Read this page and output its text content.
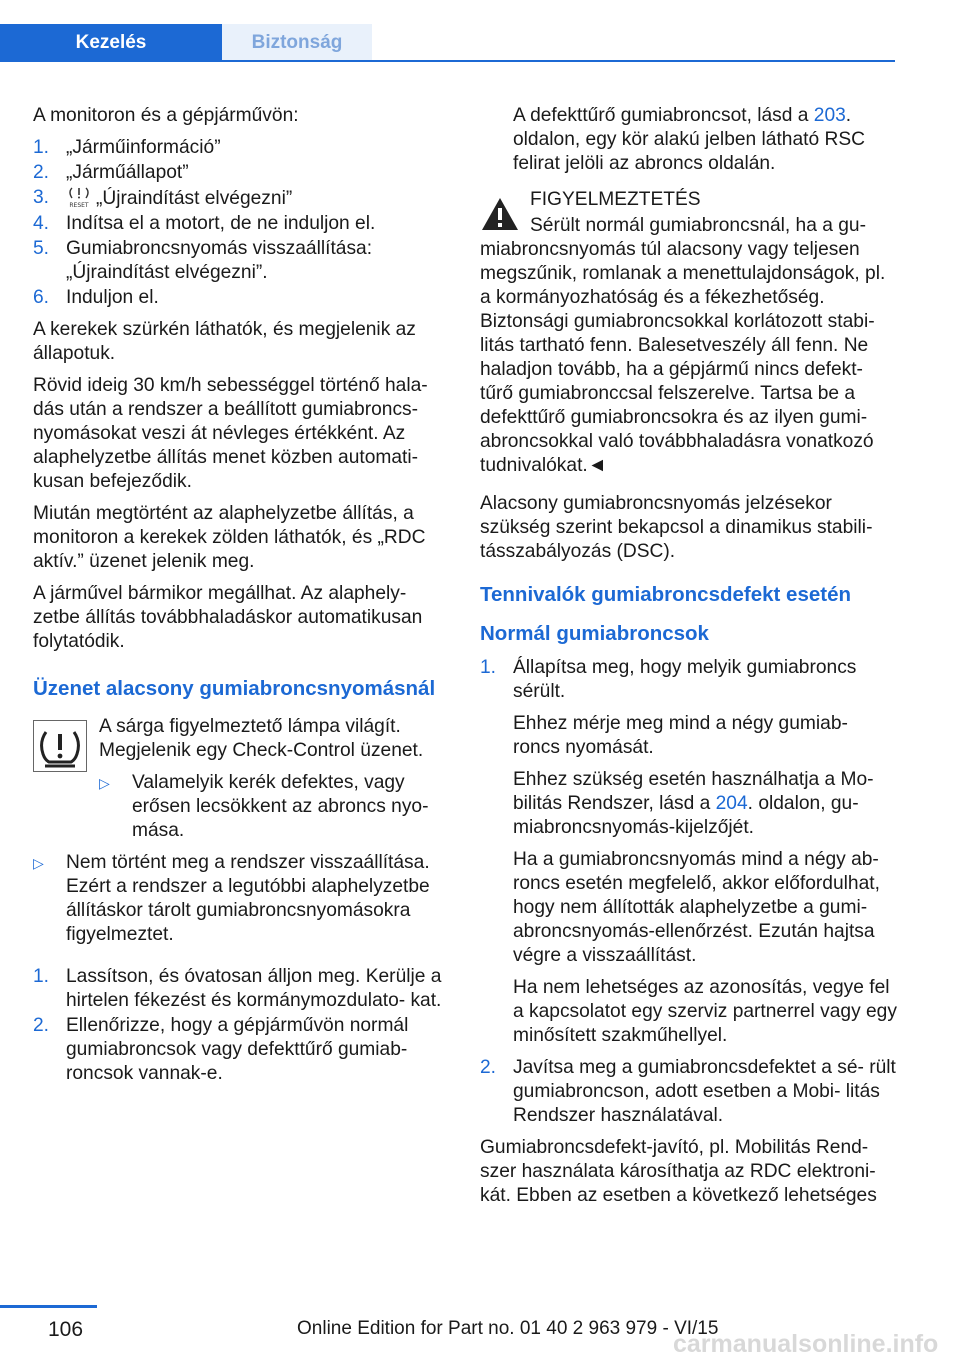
Kezelés	Biztonság

A monitoron és a gépjárművön:

1. „Járműinformáció”
2. „Járműállapot”
3.	RESET „Újraindítást elvégezni”
4. Indítsa el a motort, de ne induljon el.
5. Gumiabroncsnyomás visszaállítása: „Újraindítást elvégezni”.
6. Induljon el.

A kerekek szürkén láthatók, és megjelenik az állapotuk.

Rövid ideig 30 km/h sebességgel történő hala‐ dás után a rendszer a beállított gumiabroncs‐ nyomásokat veszi át névleges értékként. Az alaphelyzetbe állítás menet közben automati‐ kusan befejeződik.

Miután megtörtént az alaphelyzetbe állítás, a monitoron a kerekek zölden láthatók, és „RDC aktív.” üzenet jelenik meg.

A járművel bármikor megállhat. Az alaphely‐ zetbe állítás továbbhaladáskor automatikusan folytatódik.

Üzenet alacsony gumiabroncsnyomásnál

A sárga figyelmeztető lámpa világít. Megjelenik egy Check-Control üzenet.

▷ Valamelyik kerék defektes, vagy erősen lecsökkent az abroncs nyo‐ mása.
▷ Nem történt meg a rendszer visszaállítása. Ezért a rendszer a legutóbbi alaphelyzetbe állításkor tárolt gumiabroncsnyomásokra figyelmeztet.
1. Lassítson, és óvatosan álljon meg. Kerülje a hirtelen fékezést és kormánymozdulato‐ kat.
2. Ellenőrizze, hogy a gépjárművön normál gumiabroncsok vagy defekttűrő gumiab‐ roncsok vannak-e.

A defekttűrő gumiabroncsot, lásd a 203. oldalon, egy kör alakú jelben látható RSC felirat jelöli az abroncs oldalán.

FIGYELMEZTETÉS
Sérült normál gumiabroncsnál, ha a gu‐ miabroncsnyomás túl alacsony vagy teljesen megszűnik, romlanak a menettulajdonságok, pl. a kormányozhatóság és a fékezhetőség. Biztonsági gumiabroncsokkal korlátozott stabi‐ litás tartható fenn. Balesetveszély áll fenn. Ne haladjon tovább, ha a gépjármű nincs defekt‐ tűrő gumiabronccsal felszerelve. Tartsa be a defekttűrő gumiabroncsokra és az ilyen gumi‐ abroncsokkal való továbbhaladásra vonatkozó tudnivalókat.◄

Alacsony gumiabroncsnyomás jelzésekor szükség szerint bekapcsol a dinamikus stabili‐ tásszabályozás (DSC).

Tennivalók gumiabroncsdefekt esetén
Normál gumiabroncsok
1. Állapítsa meg, hogy melyik gumiabroncs sérült.
Ehhez mérje meg mind a négy gumiab‐ roncs nyomását.
Ehhez szükség esetén használhatja a Mo‐ bilitás Rendszer, lásd a 204. oldalon, gu‐ miabroncsnyomás-kijelzőjét.
Ha a gumiabroncsnyomás mind a négy ab‐ roncs esetén megfelelő, akkor előfordulhat, hogy nem állították alaphelyzetbe a gumi‐ abroncsnyomás-ellenőrzést. Ezután hajtsa végre a visszaállítást.
Ha nem lehetséges az azonosítás, vegye fel a kapcsolatot egy szerviz partnerrel vagy egy minősített szakműhellyel.
2. Javítsa meg a gumiabroncsdefektet a sé‐ rült gumiabroncson, adott esetben a Mobi‐ litás Rendszer használatával.

Gumiabroncsdefekt-javító, pl. Mobilitás Rend‐ szer használata károsíthatja az RDC elektroni‐ kát. Ebben az esetben a következő lehetséges

106	Online Edition for Part no. 01 40 2 963 979 - VI/15
carmanualsonline.info
